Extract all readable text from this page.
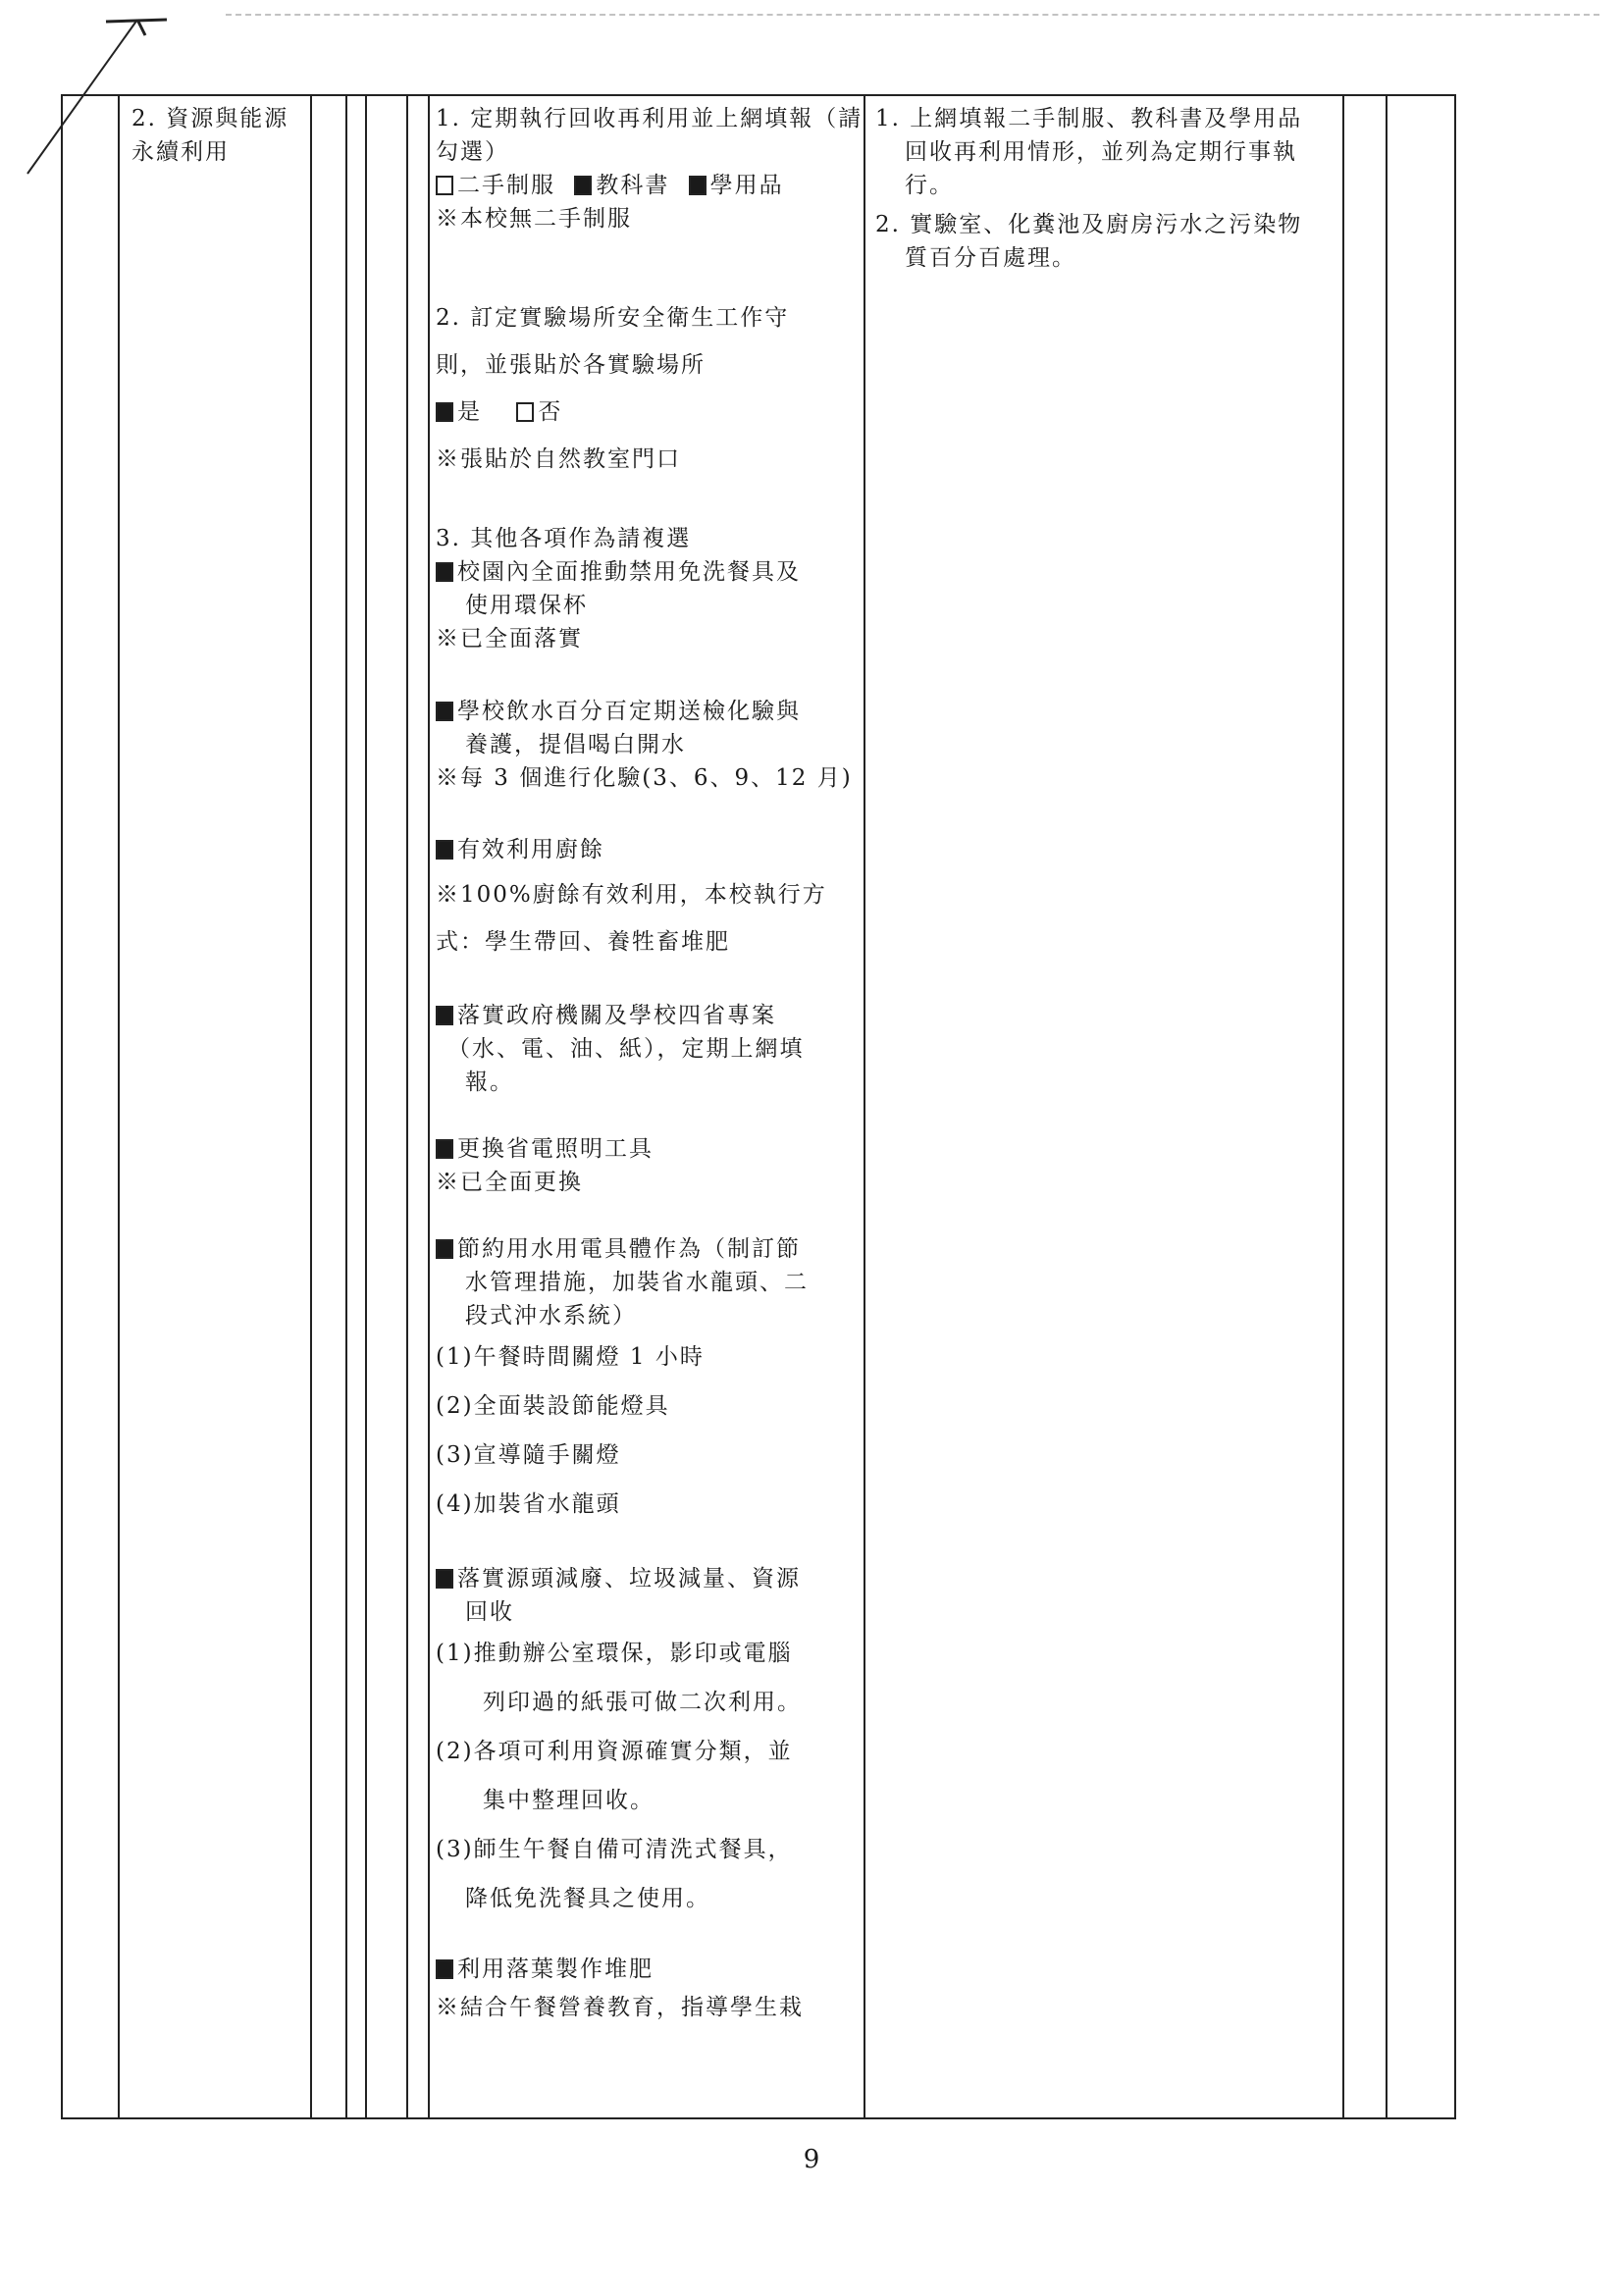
2. 資源與能源永續利用

1. 定期執行回收再利用並上網填報（請勾選）

二手制服 教科書 學用品

※本校無二手制服

2. 訂定實驗場所安全衛生工作守

則，並張貼於各實驗場所

是 否

※張貼於自然教室門口

3. 其他各項作為請複選

校園內全面推動禁用免洗餐具及

使用環保杯

※已全面落實

學校飲水百分百定期送檢化驗與

養護，提倡喝白開水

※每 3 個進行化驗(3、6、9、12 月)

有效利用廚餘

※100%廚餘有效利用，本校執行方

式：學生帶回、養牲畜堆肥

落實政府機關及學校四省專案

（水、電、油、紙），定期上網填

報。

更換省電照明工具

※已全面更換

節約用水用電具體作為（制訂節

水管理措施，加裝省水龍頭、二

段式沖水系統）

(1)午餐時間關燈 1 小時

(2)全面裝設節能燈具

(3)宣導隨手關燈

(4)加裝省水龍頭

落實源頭減廢、垃圾減量、資源

回收

(1)推動辦公室環保，影印或電腦

列印過的紙張可做二次利用。

(2)各項可利用資源確實分類，並

集中整理回收。

(3)師生午餐自備可清洗式餐具，

降低免洗餐具之使用。

利用落葉製作堆肥

※結合午餐營養教育，指導學生栽

1. 上網填報二手制服、教科書及學用品

回收再利用情形，並列為定期行事執

行。

2. 實驗室、化糞池及廚房污水之污染物

質百分百處理。

9
